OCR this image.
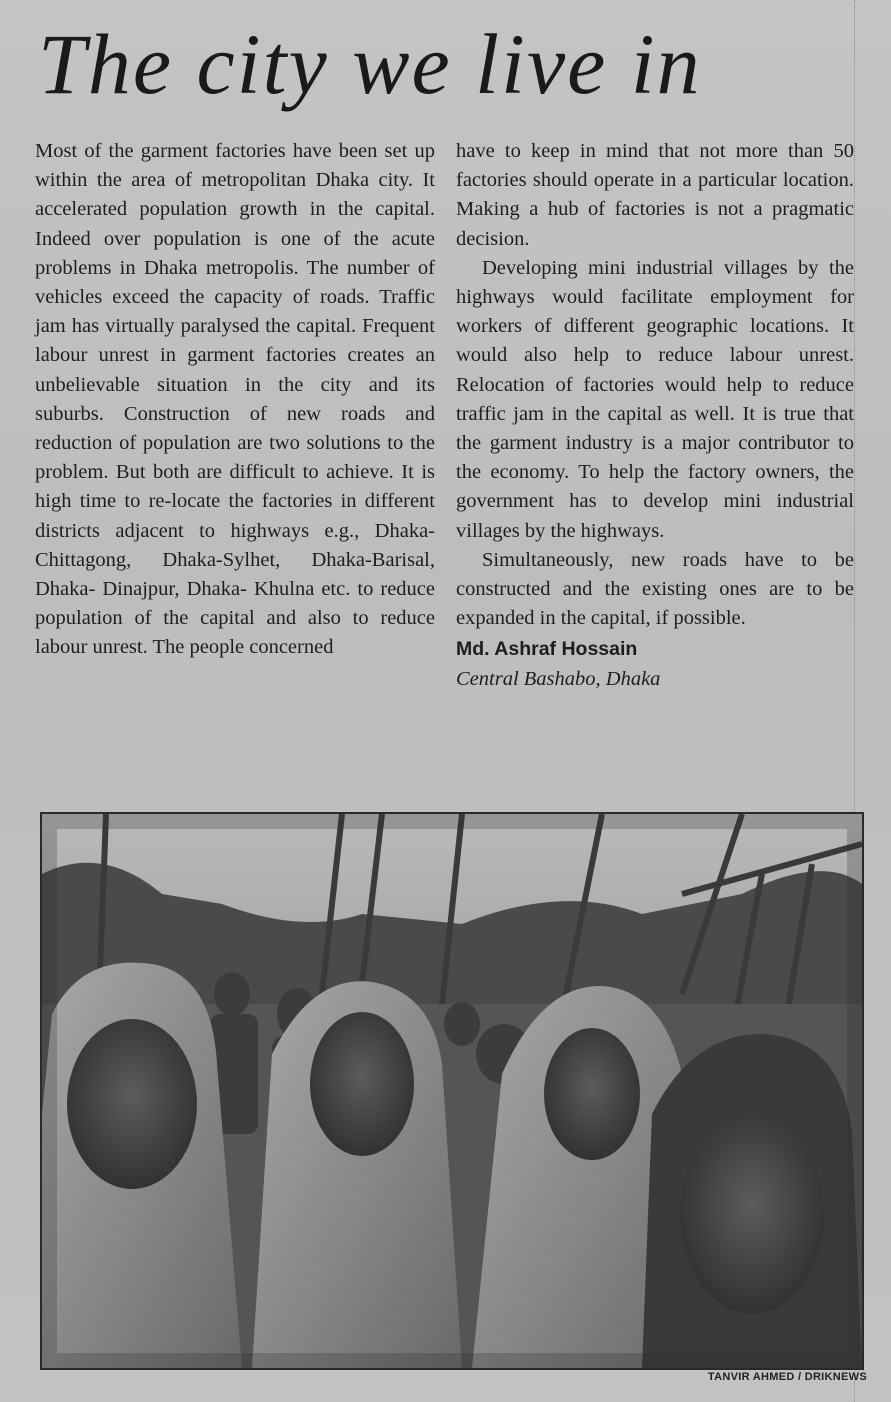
The city we live in

Most of the garment factories have been set up within the area of metropolitan Dhaka city. It accelerated population growth in the capital. Indeed over population is one of the acute problems in Dhaka metropolis. The number of vehicles exceed the capacity of roads. Traffic jam has virtually paralysed the capital. Frequent labour unrest in garment factories creates an unbelievable situation in the city and its suburbs. Construction of new roads and reduction of population are two solutions to the problem. But both are difficult to achieve. It is high time to re-locate the factories in different districts adjacent to highways e.g., Dhaka-Chittagong, Dhaka-Sylhet, Dhaka-Barisal, Dhaka- Dinajpur, Dhaka- Khulna etc. to reduce population of the capital and also to reduce labour unrest. The people concerned

have to keep in mind that not more than 50 factories should operate in a particular location. Making a hub of factories is not a pragmatic decision.

Developing mini industrial villages by the highways would facilitate employment for workers of different geographic locations. It would also help to reduce labour unrest. Relocation of factories would help to reduce traffic jam in the capital as well. It is true that the garment industry is a major contributor to the economy. To help the factory owners, the government has to develop mini industrial villages by the highways.

Simultaneously, new roads have to be constructed and the existing ones are to be expanded in the capital, if possible.

Md. Ashraf Hossain
Central Bashabo, Dhaka
TANVIR AHMED / DRIKNEWS
